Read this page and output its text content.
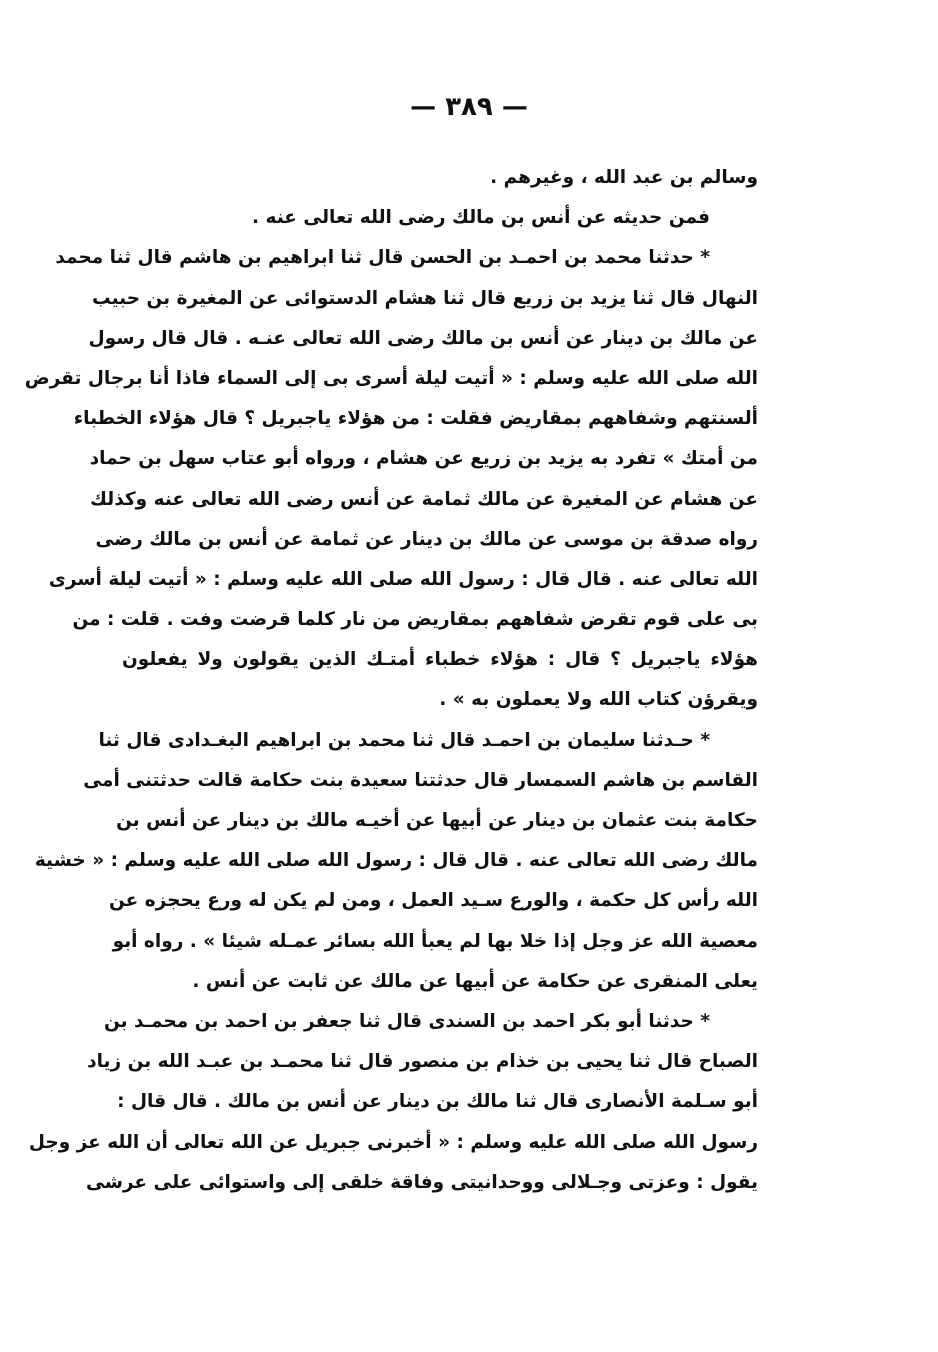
— ٣٨٩ —
وسالم بن عبد الله ، وغيرهم .
فمن حديثه عن أنس بن مالك رضى الله تعالى عنه .
* حدثنا محمد بن احمـد بن الحسن قال ثنا ابراهيم بن هاشم قال ثنا محمد
النهال قال ثنا يزيد بن زريع قال ثنا هشام الدستوائى عن المغيرة بن حبيب
عن مالك بن دينار عن أنس بن مالك رضى الله تعالى عنـه . قال قال رسول
الله صلى الله عليه وسلم : « أتيت ليلة أسرى بى إلى السماء فاذا أنا برجال تقرض
ألسنتهم وشفاههم بمقاريض فقلت : من هؤلاء ياجبريل ؟ قال هؤلاء الخطباء
من أمتك » تفرد به يزيد بن زريع عن هشام ، ورواه أبو عتاب سهل بن حماد
عن هشام عن المغيرة عن مالك ثمامة عن أنس رضى الله تعالى عنه وكذلك
رواه صدقة بن موسى عن مالك بن دينار عن ثمامة عن أنس بن مالك رضى
الله تعالى عنه . قال قال : رسول الله صلى الله عليه وسلم : « أتيت ليلة أسرى
بى على قوم تقرض شفاههم بمقاريض من نار كلما قرضت وفت . قلت : من
هؤلاء ياجبريل ؟ قال : هؤلاء خطباء أمتـك الذين يقولون ولا يفعلون
ويقرؤن كتاب الله ولا يعملون به » .
* حـدثنا سليمان بن احمـد قال ثنا محمد بن ابراهيم البغـدادى قال ثنا
القاسم بن هاشم السمسار قال حدثتنا سعيدة بنت حكامة قالت حدثتنى أمى
حكامة بنت عثمان بن دينار عن أبيها عن أخيـه مالك بن دينار عن أنس بن
مالك رضى الله تعالى عنه . قال قال : رسول الله صلى الله عليه وسلم : « خشية
الله رأس كل حكمة ، والورع سـيد العمل ، ومن لم يكن له ورع يحجزه عن
معصية الله عز وجل إذا خلا بها لم يعبأ الله بسائر عمـله شيئا » . رواه أبو
يعلى المنقرى عن حكامة عن أبيها عن مالك عن ثابت عن أنس .
* حدثنا أبو بكر احمد بن السندى قال ثنا جعفر بن احمد بن محمـد بن
الصباح قال ثنا يحيى بن خذام بن منصور قال ثنا محمـد بن عبـد الله بن زياد
أبو سـلمة الأنصارى قال ثنا مالك بن دينار عن أنس بن مالك . قال قال :
رسول الله صلى الله عليه وسلم : « أخبرنى جبريل عن الله تعالى أن الله عز وجل
يقول : وعزتى وجـلالى ووحدانيتى وفاقة خلقى إلى واستوائى على عرشى
